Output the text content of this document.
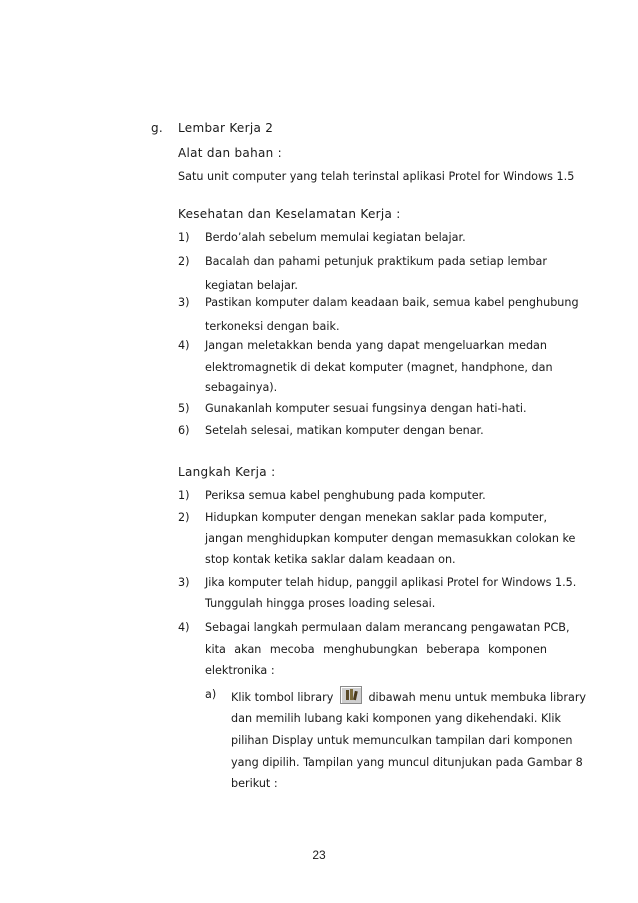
g. Lembar Kerja 2
Alat dan bahan :
Satu unit computer yang telah terinstal aplikasi Protel for Windows 1.5
Kesehatan dan Keselamatan Kerja :
1) Berdo’alah sebelum memulai kegiatan belajar.
2) Bacalah dan pahami petunjuk praktikum pada setiap lembar
kegiatan belajar.
3) Pastikan komputer dalam keadaan baik, semua kabel penghubung
terkoneksi dengan baik.
4) Jangan meletakkan benda yang dapat mengeluarkan medan
elektromagnetik di dekat komputer (magnet, handphone, dan
sebagainya).
5) Gunakanlah komputer sesuai fungsinya dengan hati-hati.
6) Setelah selesai, matikan komputer dengan benar.
Langkah Kerja :
1) Periksa semua kabel penghubung pada komputer.
2) Hidupkan komputer dengan menekan saklar pada komputer,
jangan menghidupkan komputer dengan memasukkan colokan ke
stop kontak ketika saklar dalam keadaan on.
3) Jika komputer telah hidup, panggil aplikasi Protel for Windows 1.5.
Tunggulah hingga proses loading selesai.
4) Sebagai langkah permulaan dalam merancang pengawatan PCB,
kita akan mecoba menghubungkan beberapa komponen
elektronika :
a) Klik tombol library	dibawah menu untuk membuka library
dan memilih lubang kaki komponen yang dikehendaki. Klik
pilihan Display untuk memunculkan tampilan dari komponen
yang dipilih. Tampilan yang muncul ditunjukan pada Gambar 8
berikut :
23
